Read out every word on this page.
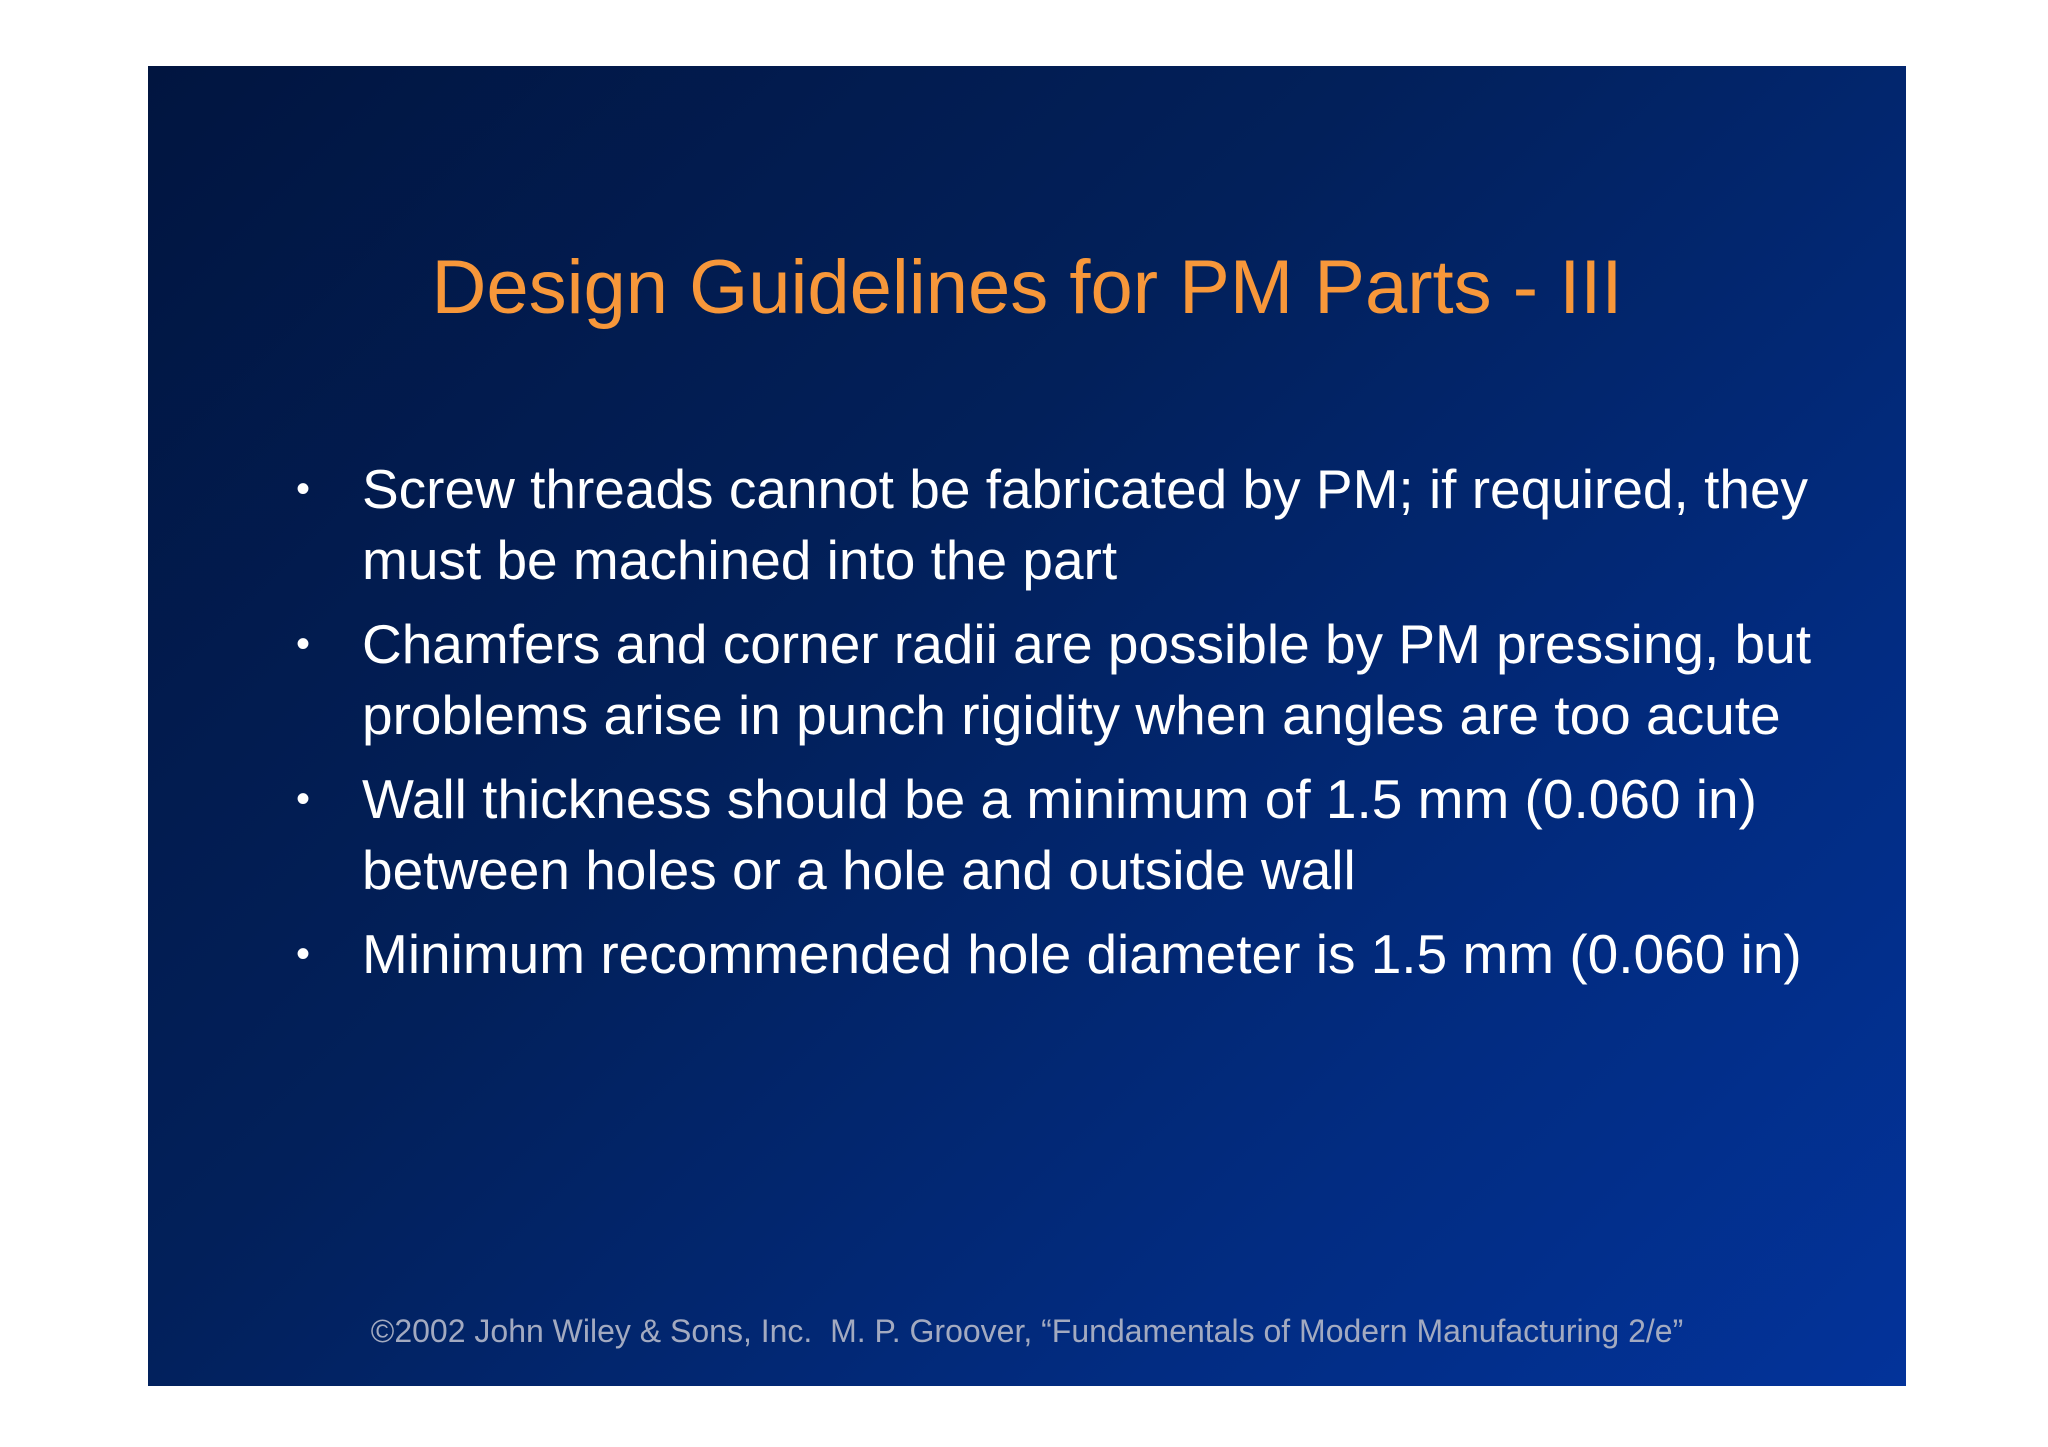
Design Guidelines for PM Parts - III
• Screw threads cannot be fabricated by PM; if required, they must be machined into the part
• Chamfers and corner radii are possible by PM pressing, but problems arise in punch rigidity when angles are too acute
• Wall thickness should be a minimum of 1.5 mm (0.060 in) between holes or a hole and outside wall
• Minimum recommended hole diameter is 1.5 mm (0.060 in)
©2002 John Wiley & Sons, Inc.  M. P. Groover, “Fundamentals of Modern Manufacturing 2/e”
